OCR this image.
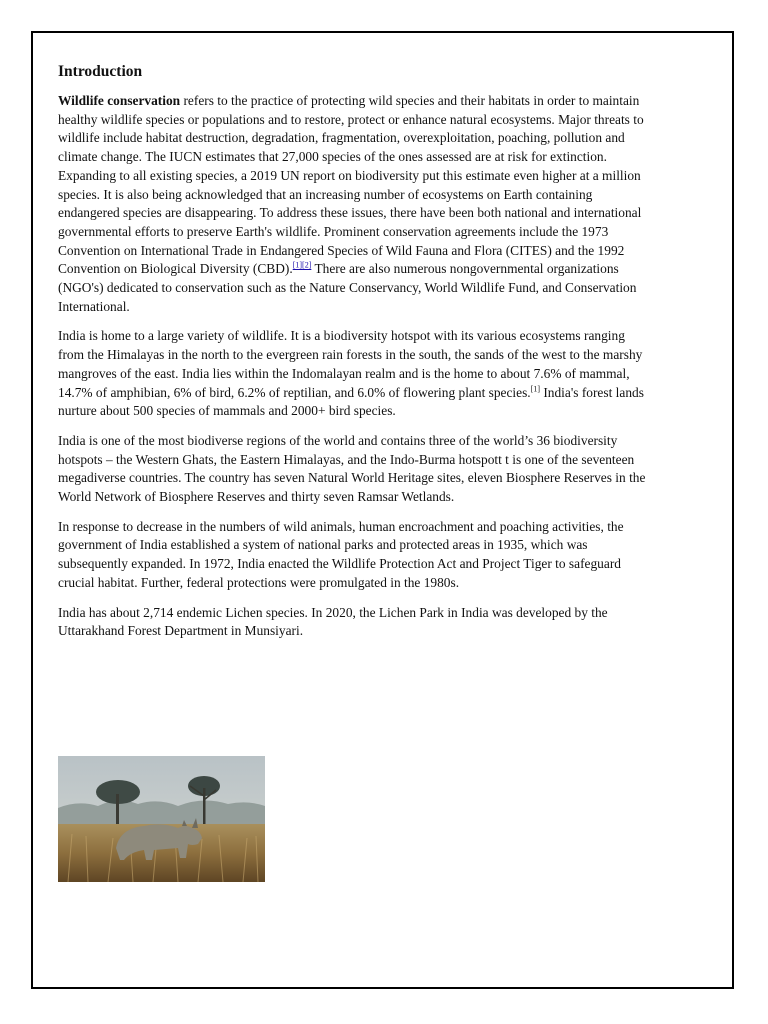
Introduction

Wildlife conservation refers to the practice of protecting wild species and their habitats in order to maintain healthy wildlife species or populations and to restore, protect or enhance natural ecosystems. Major threats to wildlife include habitat destruction, degradation, fragmentation, overexploitation, poaching, pollution and climate change. The IUCN estimates that 27,000 species of the ones assessed are at risk for extinction. Expanding to all existing species, a 2019 UN report on biodiversity put this estimate even higher at a million species. It is also being acknowledged that an increasing number of ecosystems on Earth containing endangered species are disappearing. To address these issues, there have been both national and international governmental efforts to preserve Earth's wildlife. Prominent conservation agreements include the 1973 Convention on International Trade in Endangered Species of Wild Fauna and Flora (CITES) and the 1992 Convention on Biological Diversity (CBD).[1][2] There are also numerous nongovernmental organizations (NGO's) dedicated to conservation such as the Nature Conservancy, World Wildlife Fund, and Conservation International.

India is home to a large variety of wildlife. It is a biodiversity hotspot with its various ecosystems ranging from the Himalayas in the north to the evergreen rain forests in the south, the sands of the west to the marshy mangroves of the east. India lies within the Indomalayan realm and is the home to about 7.6% of mammal, 14.7% of amphibian, 6% of bird, 6.2% of reptilian, and 6.0% of flowering plant species.[1] India's forest lands nurture about 500 species of mammals and 2000+ bird species.

India is one of the most biodiverse regions of the world and contains three of the world’s 36 biodiversity hotspots – the Western Ghats, the Eastern Himalayas, and the Indo-Burma hotspott t is one of the seventeen megadiverse countries. The country has seven Natural World Heritage sites, eleven Biosphere Reserves in the World Network of Biosphere Reserves and thirty seven Ramsar Wetlands.

In response to decrease in the numbers of wild animals, human encroachment and poaching activities, the government of India established a system of national parks and protected areas in 1935, which was subsequently expanded. In 1972, India enacted the Wildlife Protection Act and Project Tiger to safeguard crucial habitat. Further, federal protections were promulgated in the 1980s.

India has about 2,714 endemic Lichen species. In 2020, the Lichen Park in India was developed by the Uttarakhand Forest Department in Munsiyari.
